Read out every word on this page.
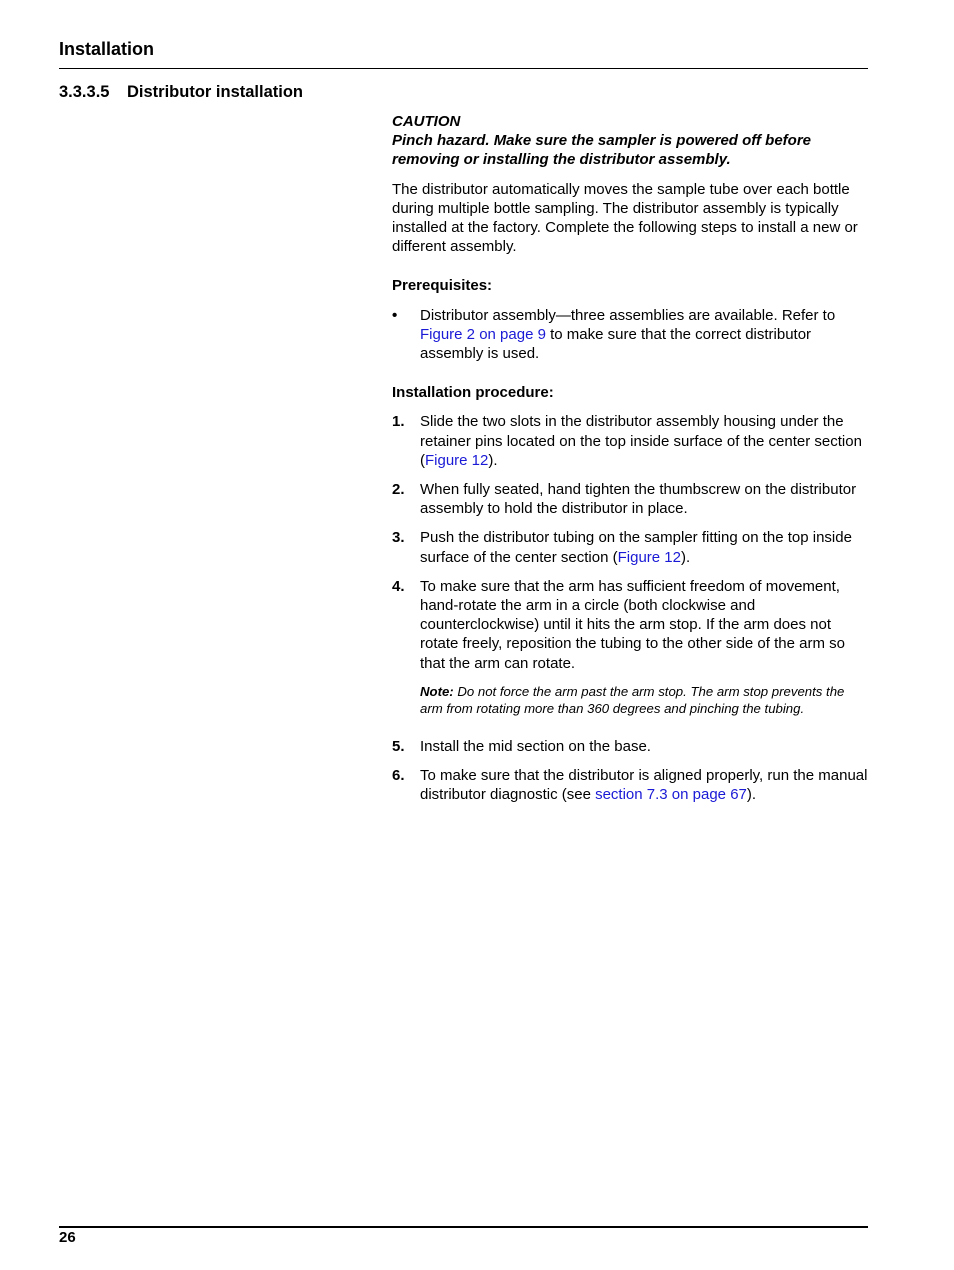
Installation
3.3.3.5 Distributor installation
CAUTION
Pinch hazard. Make sure the sampler is powered off before removing or installing the distributor assembly.

The distributor automatically moves the sample tube over each bottle during multiple bottle sampling. The distributor assembly is typically installed at the factory. Complete the following steps to install a new or different assembly.

Prerequisites:

• Distributor assembly—three assemblies are available. Refer to Figure 2 on page 9 to make sure that the correct distributor assembly is used.

Installation procedure:

1. Slide the two slots in the distributor assembly housing under the retainer pins located on the top inside surface of the center section (Figure 12).
2. When fully seated, hand tighten the thumbscrew on the distributor assembly to hold the distributor in place.
3. Push the distributor tubing on the sampler fitting on the top inside surface of the center section (Figure 12).
4. To make sure that the arm has sufficient freedom of movement, hand-rotate the arm in a circle (both clockwise and counterclockwise) until it hits the arm stop. If the arm does not rotate freely, reposition the tubing to the other side of the arm so that the arm can rotate.

Note: Do not force the arm past the arm stop. The arm stop prevents the arm from rotating more than 360 degrees and pinching the tubing.

5. Install the mid section on the base.
6. To make sure that the distributor is aligned properly, run the manual distributor diagnostic (see section 7.3 on page 67).

26
